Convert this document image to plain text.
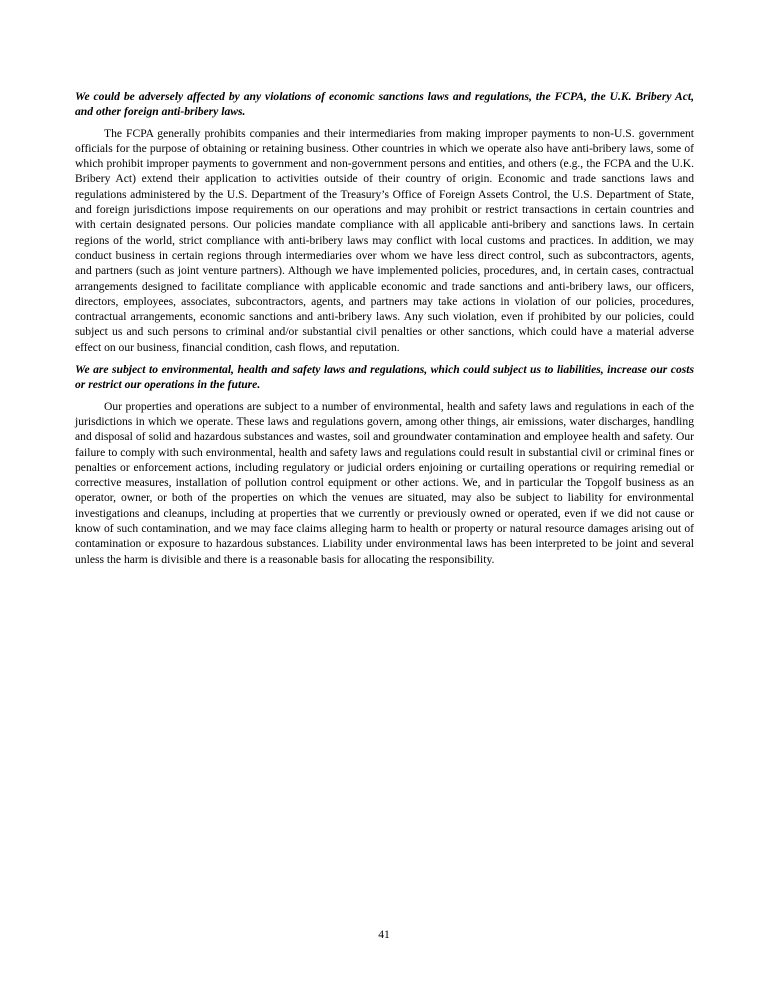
We could be adversely affected by any violations of economic sanctions laws and regulations, the FCPA, the U.K. Bribery Act, and other foreign anti-bribery laws.

The FCPA generally prohibits companies and their intermediaries from making improper payments to non-U.S. government officials for the purpose of obtaining or retaining business. Other countries in which we operate also have anti-bribery laws, some of which prohibit improper payments to government and non-government persons and entities, and others (e.g., the FCPA and the U.K. Bribery Act) extend their application to activities outside of their country of origin. Economic and trade sanctions laws and regulations administered by the U.S. Department of the Treasury’s Office of Foreign Assets Control, the U.S. Department of State, and foreign jurisdictions impose requirements on our operations and may prohibit or restrict transactions in certain countries and with certain designated persons. Our policies mandate compliance with all applicable anti-bribery and sanctions laws. In certain regions of the world, strict compliance with anti-bribery laws may conflict with local customs and practices. In addition, we may conduct business in certain regions through intermediaries over whom we have less direct control, such as subcontractors, agents, and partners (such as joint venture partners). Although we have implemented policies, procedures, and, in certain cases, contractual arrangements designed to facilitate compliance with applicable economic and trade sanctions and anti-bribery laws, our officers, directors, employees, associates, subcontractors, agents, and partners may take actions in violation of our policies, procedures, contractual arrangements, economic sanctions and anti-bribery laws. Any such violation, even if prohibited by our policies, could subject us and such persons to criminal and/or substantial civil penalties or other sanctions, which could have a material adverse effect on our business, financial condition, cash flows, and reputation.

We are subject to environmental, health and safety laws and regulations, which could subject us to liabilities, increase our costs or restrict our operations in the future.

Our properties and operations are subject to a number of environmental, health and safety laws and regulations in each of the jurisdictions in which we operate. These laws and regulations govern, among other things, air emissions, water discharges, handling and disposal of solid and hazardous substances and wastes, soil and groundwater contamination and employee health and safety. Our failure to comply with such environmental, health and safety laws and regulations could result in substantial civil or criminal fines or penalties or enforcement actions, including regulatory or judicial orders enjoining or curtailing operations or requiring remedial or corrective measures, installation of pollution control equipment or other actions. We, and in particular the Topgolf business as an operator, owner, or both of the properties on which the venues are situated, may also be subject to liability for environmental investigations and cleanups, including at properties that we currently or previously owned or operated, even if we did not cause or know of such contamination, and we may face claims alleging harm to health or property or natural resource damages arising out of contamination or exposure to hazardous substances. Liability under environmental laws has been interpreted to be joint and several unless the harm is divisible and there is a reasonable basis for allocating the responsibility.

41
